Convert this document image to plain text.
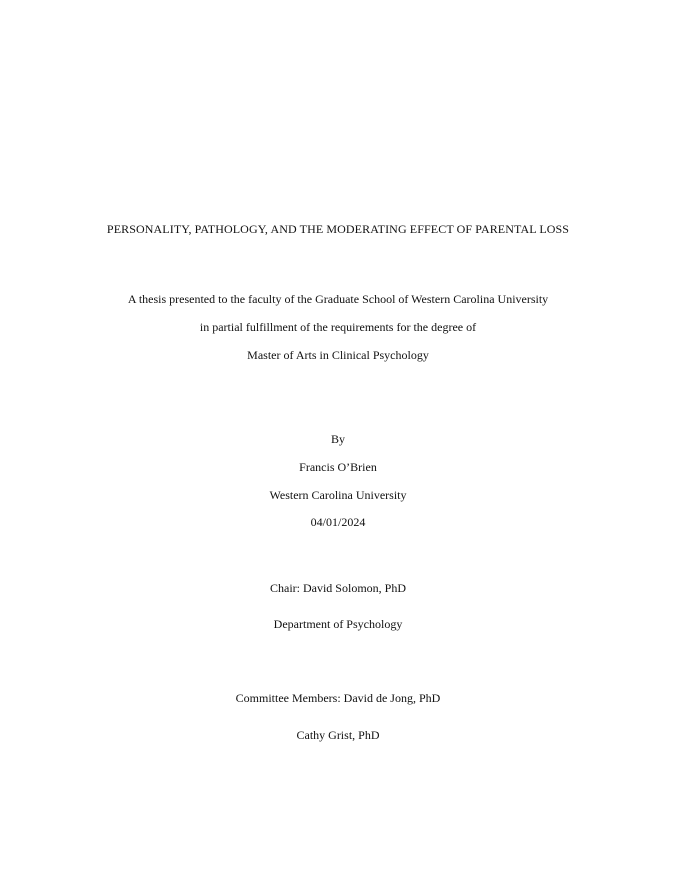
PERSONALITY, PATHOLOGY, AND THE MODERATING EFFECT OF PARENTAL LOSS
A thesis presented to the faculty of the Graduate School of Western Carolina University
in partial fulfillment of the requirements for the degree of
Master of Arts in Clinical Psychology
By
Francis O’Brien
Western Carolina University
04/01/2024
Chair: David Solomon, PhD
Department of Psychology
Committee Members: David de Jong, PhD
Cathy Grist, PhD
